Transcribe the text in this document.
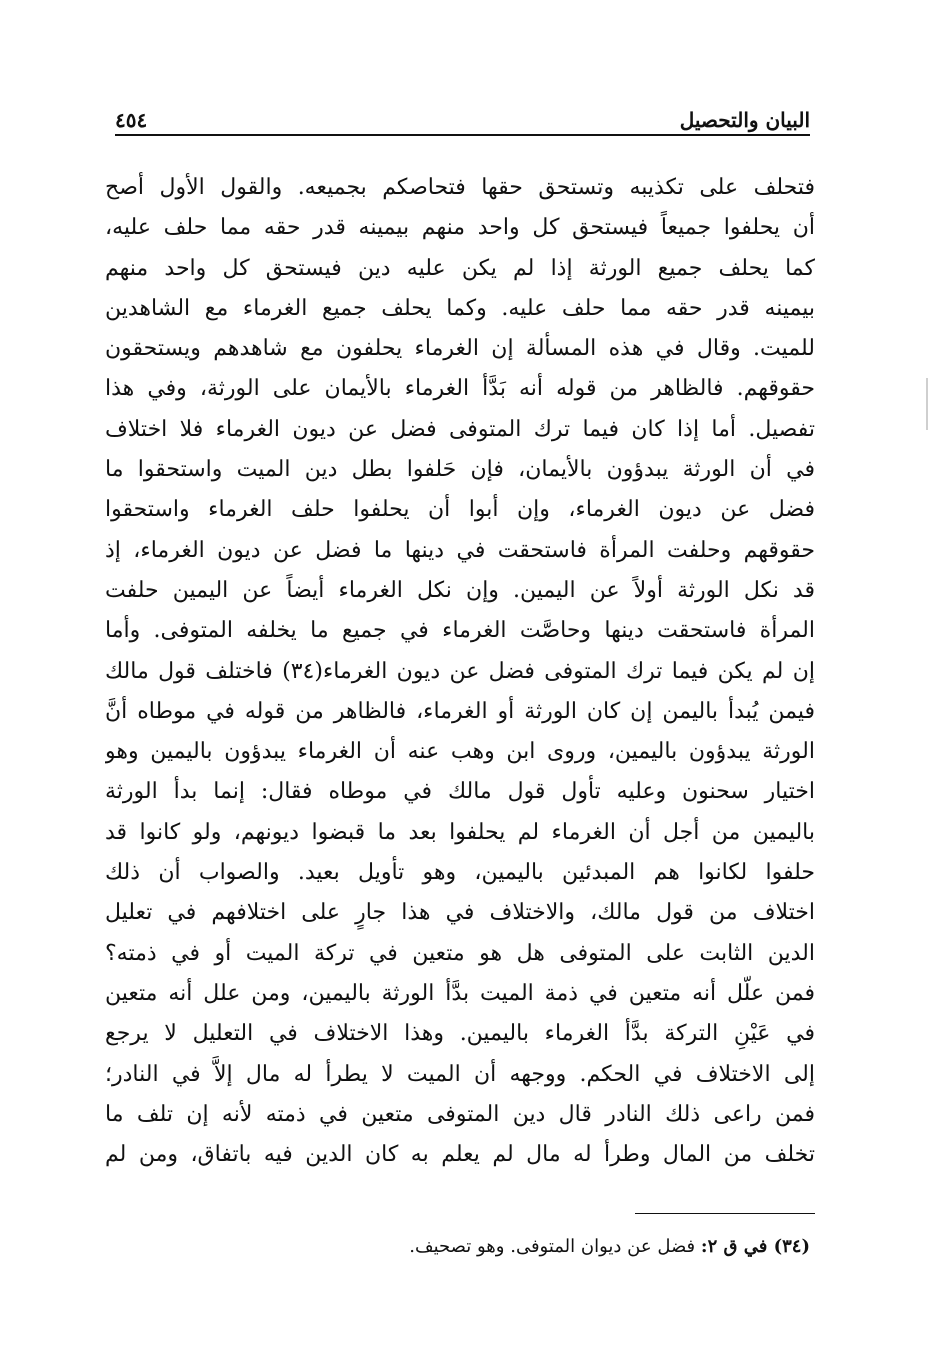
البيان والتحصيل
٤٥٤
فتحلف على تكذيبه وتستحق حقها فتحاصكم بجميعه. والقول الأول أصح
أن يحلفوا جميعاً فيستحق كل واحد منهم بيمينه قدر حقه مما حلف عليه،
كما يحلف جميع الورثة إذا لم يكن عليه دين فيستحق كل واحد منهم
بيمينه قدر حقه مما حلف عليه. وكما يحلف جميع الغرماء مع الشاهدين
للميت. وقال في هذه المسألة إن الغرماء يحلفون مع شاهدهم ويستحقون
حقوقهم. فالظاهر من قوله أنه بَدَّأ الغرماء بالأيمان على الورثة، وفي هذا
تفصيل. أما إذا كان فيما ترك المتوفى فضل عن ديون الغرماء فلا اختلاف
في أن الورثة يبدؤون بالأيمان، فإن حَلفوا بطل دين الميت واستحقوا ما
فضل عن ديون الغرماء، وإن أبوا أن يحلفوا حلف الغرماء واستحقوا
حقوقهم وحلفت المرأة فاستحقت في دينها ما فضل عن ديون الغرماء، إذ
قد نكل الورثة أولاً عن اليمين. وإن نكل الغرماء أيضاً عن اليمين حلفت
المرأة فاستحقت دينها وحاصَّت الغرماء في جميع ما يخلفه المتوفى. وأما
إن لم يكن فيما ترك المتوفى فضل عن ديون الغرماء(٣٤) فاختلف قول مالك
فيمن يُبدأ باليمن إن كان الورثة أو الغرماء، فالظاهر من قوله في موطاه أنَّ
الورثة يبدؤون باليمين، وروى ابن وهب عنه أن الغرماء يبدؤون باليمين وهو
اختيار سحنون وعليه تأول قول مالك في موطاه فقال: إنما بدأ الورثة
باليمين من أجل أن الغرماء لم يحلفوا بعد ما قبضوا ديونهم، ولو كانوا قد
حلفوا لكانوا هم المبدئين باليمين، وهو تأويل بعيد. والصواب أن ذلك
اختلاف من قول مالك، والاختلاف في هذا جارٍ على اختلافهم في تعليل
الدين الثابت على المتوفى هل هو متعين في تركة الميت أو في ذمته؟
فمن علّل أنه متعين في ذمة الميت بدَّأ الورثة باليمين، ومن علل أنه متعين
في عَيْنِ التركة بدَّأ الغرماء باليمين. وهذا الاختلاف في التعليل لا يرجع
إلى الاختلاف في الحكم. ووجهه أن الميت لا يطرأ له مال إلاَّ في النادر؛
فمن راعى ذلك النادر قال دين المتوفى متعين في ذمته لأنه إن تلف ما
تخلف من المال وطرأ له مال لم يعلم به كان الدين فيه باتفاق، ومن لم
(٣٤) في ق ٢: فضل عن ديوان المتوفى. وهو تصحيف.
